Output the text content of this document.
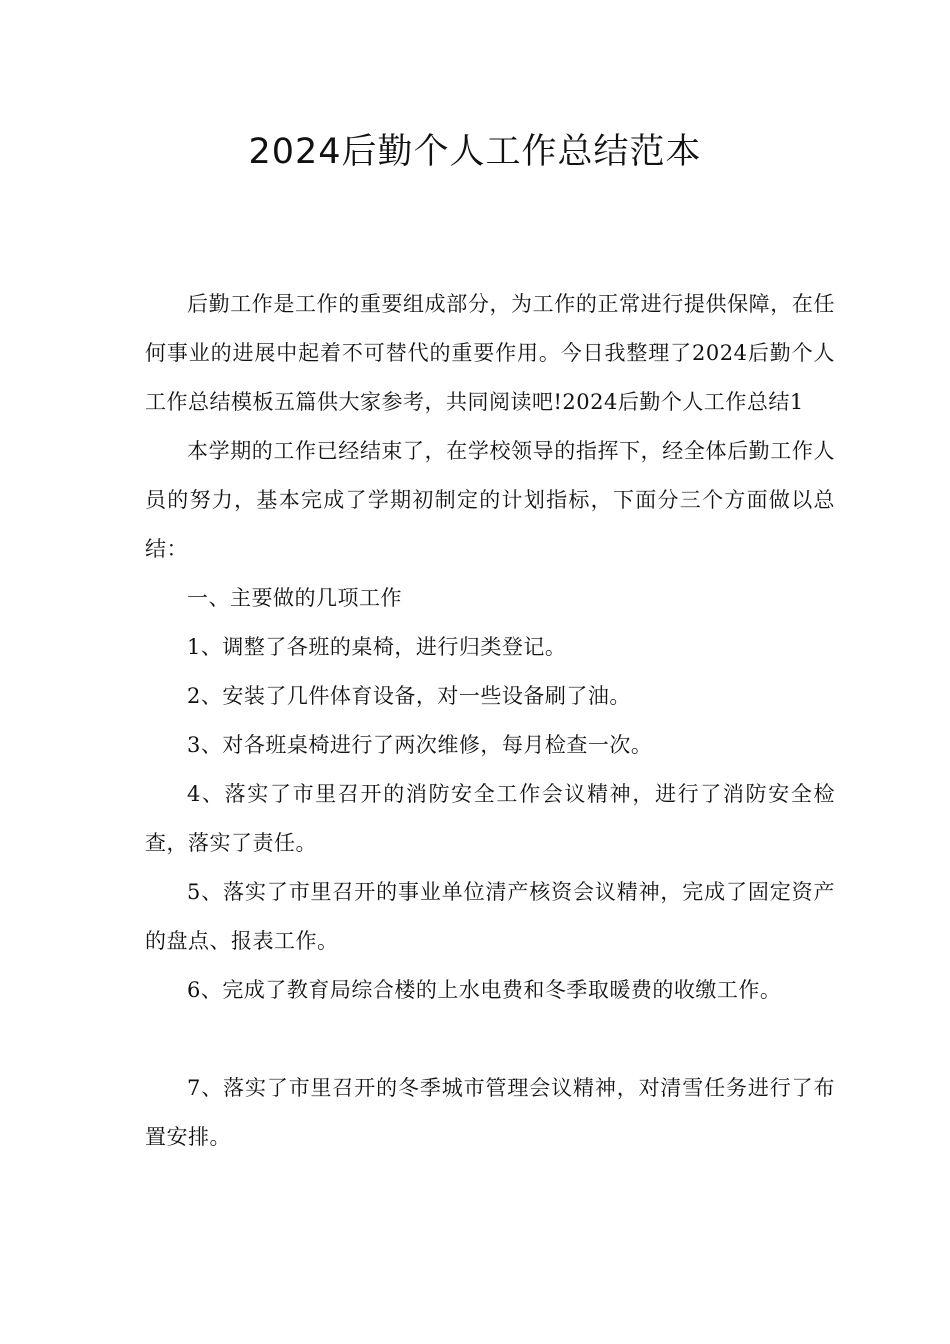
2024后勤个人工作总结范本

后勤工作是工作的重要组成部分，为工作的正常进行提供保障，在任何事业的进展中起着不可替代的重要作用。今日我整理了2024后勤个人工作总结模板五篇供大家参考，共同阅读吧!2024后勤个人工作总结1

本学期的工作已经结束了，在学校领导的指挥下，经全体后勤工作人员的努力，基本完成了学期初制定的计划指标，下面分三个方面做以总结：

一、主要做的几项工作

1、调整了各班的桌椅，进行归类登记。

2、安装了几件体育设备，对一些设备刷了油。

3、对各班桌椅进行了两次维修，每月检查一次。

4、落实了市里召开的消防安全工作会议精神，进行了消防安全检查，落实了责任。

5、落实了市里召开的事业单位清产核资会议精神，完成了固定资产的盘点、报表工作。

6、完成了教育局综合楼的上水电费和冬季取暖费的收缴工作。

7、落实了市里召开的冬季城市管理会议精神，对清雪任务进行了布置安排。
